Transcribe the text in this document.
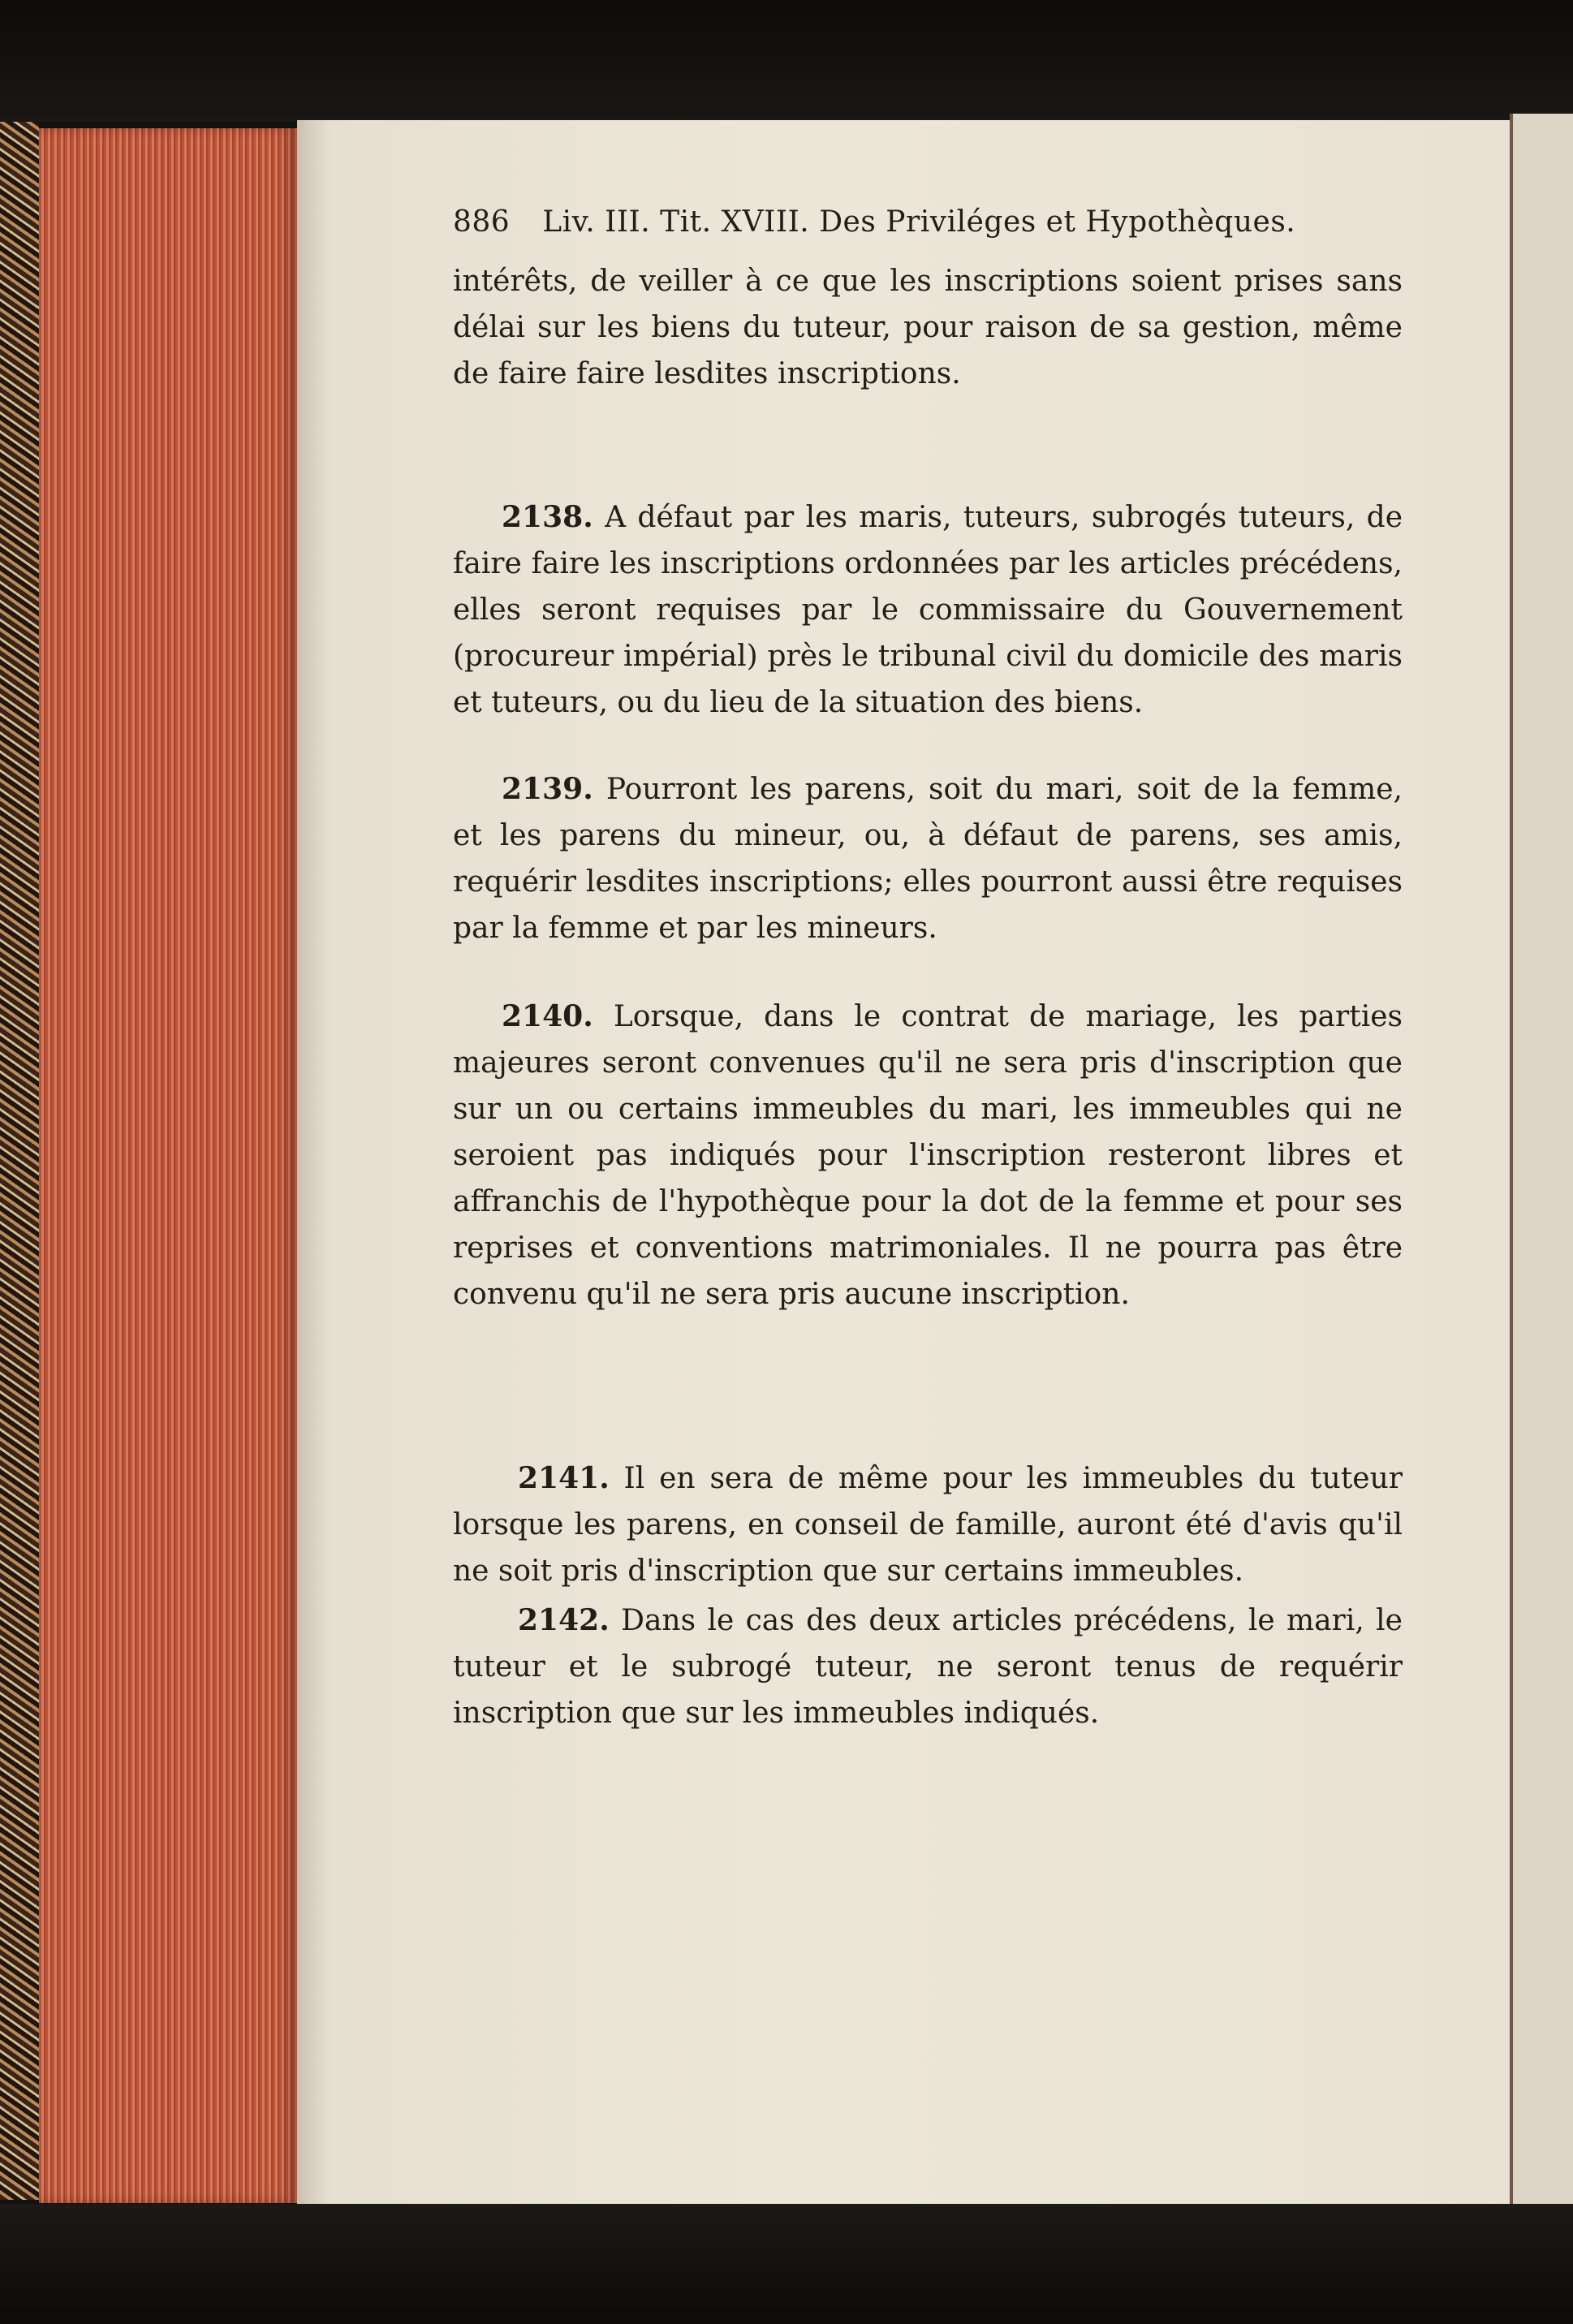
886 Liv. III. Tit. XVIII. Des Priviléges et Hypothèques.

intérêts, de veiller à ce que les inscriptions soient prises sans délai sur les biens du tuteur, pour raison de sa gestion, même de faire faire lesdites inscriptions.

2138. A défaut par les maris, tuteurs, subrogés tuteurs, de faire faire les inscriptions ordonnées par les articles précédens, elles seront requises par le commissaire du Gouvernement (procureur impérial) près le tribunal civil du domicile des maris et tuteurs, ou du lieu de la situation des biens.

2139. Pourront les parens, soit du mari, soit de la femme, et les parens du mineur, ou, à défaut de parens, ses amis, requérir lesdites inscriptions; elles pourront aussi être requises par la femme et par les mineurs.

2140. Lorsque, dans le contrat de mariage, les parties majeures seront convenues qu'il ne sera pris d'inscription que sur un ou certains immeubles du mari, les immeubles qui ne seroient pas indiqués pour l'inscription resteront libres et affranchis de l'hypothèque pour la dot de la femme et pour ses reprises et conventions matrimoniales. Il ne pourra pas être convenu qu'il ne sera pris aucune inscription.

2141. Il en sera de même pour les immeubles du tuteur lorsque les parens, en conseil de famille, auront été d'avis qu'il ne soit pris d'inscription que sur certains immeubles.

2142. Dans le cas des deux articles précédens, le mari, le tuteur et le subrogé tuteur, ne seront tenus de requérir inscription que sur les immeubles indiqués.
